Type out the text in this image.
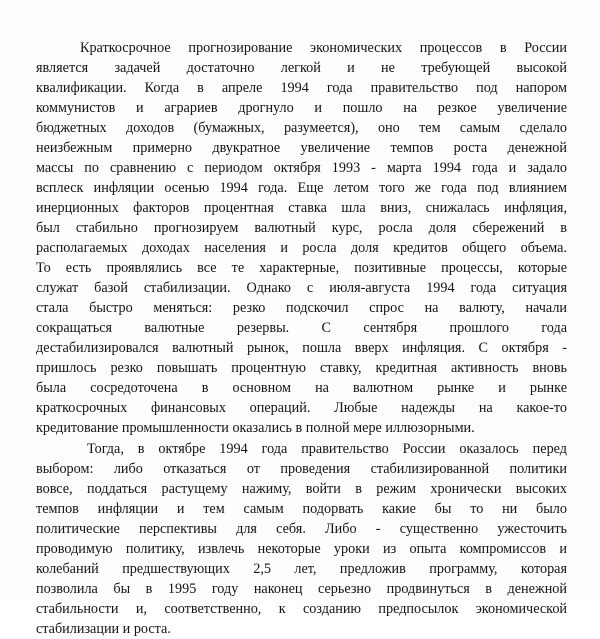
Краткосрочное прогнозирование экономических процессов в России
является задачей достаточно легкой и не требующей высокой
квалификации. Когда в апреле 1994 года правительство под напором
коммунистов и аграриев дрогнуло и пошло на резкое увеличение
бюджетных доходов (бумажных, разумеется), оно тем самым сделало
неизбежным примерно двукратное увеличение темпов роста денежной
массы по сравнению с периодом октября 1993 - марта 1994 года и задало
всплеск инфляции осенью 1994 года. Еще летом того же года под влиянием
инерционных факторов процентная ставка шла вниз, снижалась инфляция,
был стабильно прогнозируем валютный курс, росла доля сбережений в
располагаемых доходах населения и росла доля кредитов общего объема.
То есть проявлялись все те характерные, позитивные процессы, которые
служат базой стабилизации. Однако с июля-августа 1994 года ситуация
стала быстро меняться: резко подскочил спрос на валюту, начали
сокращаться валютные резервы. С сентября прошлого года
дестабилизировался валютный рынок, пошла вверх инфляция. С октября -
пришлось резко повышать процентную ставку, кредитная активность вновь
была сосредоточена в основном на валютном рынке и рынке
краткосрочных финансовых операций. Любые надежды на какое-то
кредитование промышленности оказались в полной мере иллюзорными.
Тогда, в октябре 1994 года правительство России оказалось перед
выбором: либо отказаться от проведения стабилизированной политики
вовсе, поддаться растущему нажиму, войти в режим хронически высоких
темпов инфляции и тем самым подорвать какие бы то ни было
политические перспективы для себя. Либо - существенно ужесточить
проводимую политику, извлечь некоторые уроки из опыта компромиссов и
колебаний предшествующих 2,5 лет, предложив программу, которая
позволила бы в 1995 году наконец серьезно продвинуться в денежной
стабильности и, соответственно, к созданию предпосылок экономической
стабилизации и роста.
